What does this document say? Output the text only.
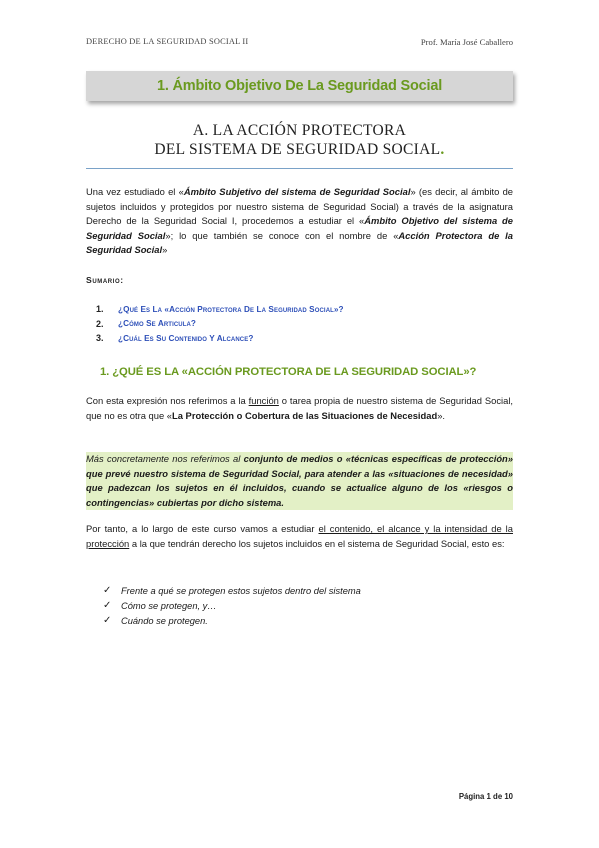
DERECHO DE LA SEGURIDAD SOCIAL II	Prof. María José Caballero
1. Ámbito Objetivo De La Seguridad Social
A. LA ACCIÓN PROTECTORA
DEL SISTEMA DE SEGURIDAD SOCIAL.

Una vez estudiado el «Ámbito Subjetivo del sistema de Seguridad Social» (es decir, al ámbito de sujetos incluidos y protegidos por nuestro sistema de Seguridad Social) a través de la asignatura Derecho de la Seguridad Social I, procedemos a estudiar el «Ámbito Objetivo del sistema de Seguridad Social»; lo que también se conoce con el nombre de «Acción Protectora de la Seguridad Social»

Sumario:
1.	¿Qué Es La «Acción Protectora De La Seguridad Social»?
2.	¿Cómo Se Articula?
3.	¿Cuál Es Su Contenido Y Alcance?
1. ¿QUÉ ES LA «ACCIÓN PROTECTORA DE LA SEGURIDAD SOCIAL»?

Con esta expresión nos referimos a la función o tarea propia de nuestro sistema de Seguridad Social, que no es otra que «La Protección o Cobertura de las Situaciones de Necesidad».

Más concretamente nos referimos al conjunto de medios o «técnicas específicas de protección» que prevé nuestro sistema de Seguridad Social, para atender a las «situaciones de necesidad» que padezcan los sujetos en él incluidos, cuando se actualice alguno de los «riesgos o contingencias» cubiertas por dicho sistema.

Por tanto, a lo largo de este curso vamos a estudiar el contenido, el alcance y la intensidad de la protección a la que tendrán derecho los sujetos incluidos en el sistema de Seguridad Social, esto es:

✓	Frente a qué se protegen estos sujetos dentro del sistema
✓	Cómo se protegen, y…
✓	Cuándo se protegen.
Página 1 de 10
